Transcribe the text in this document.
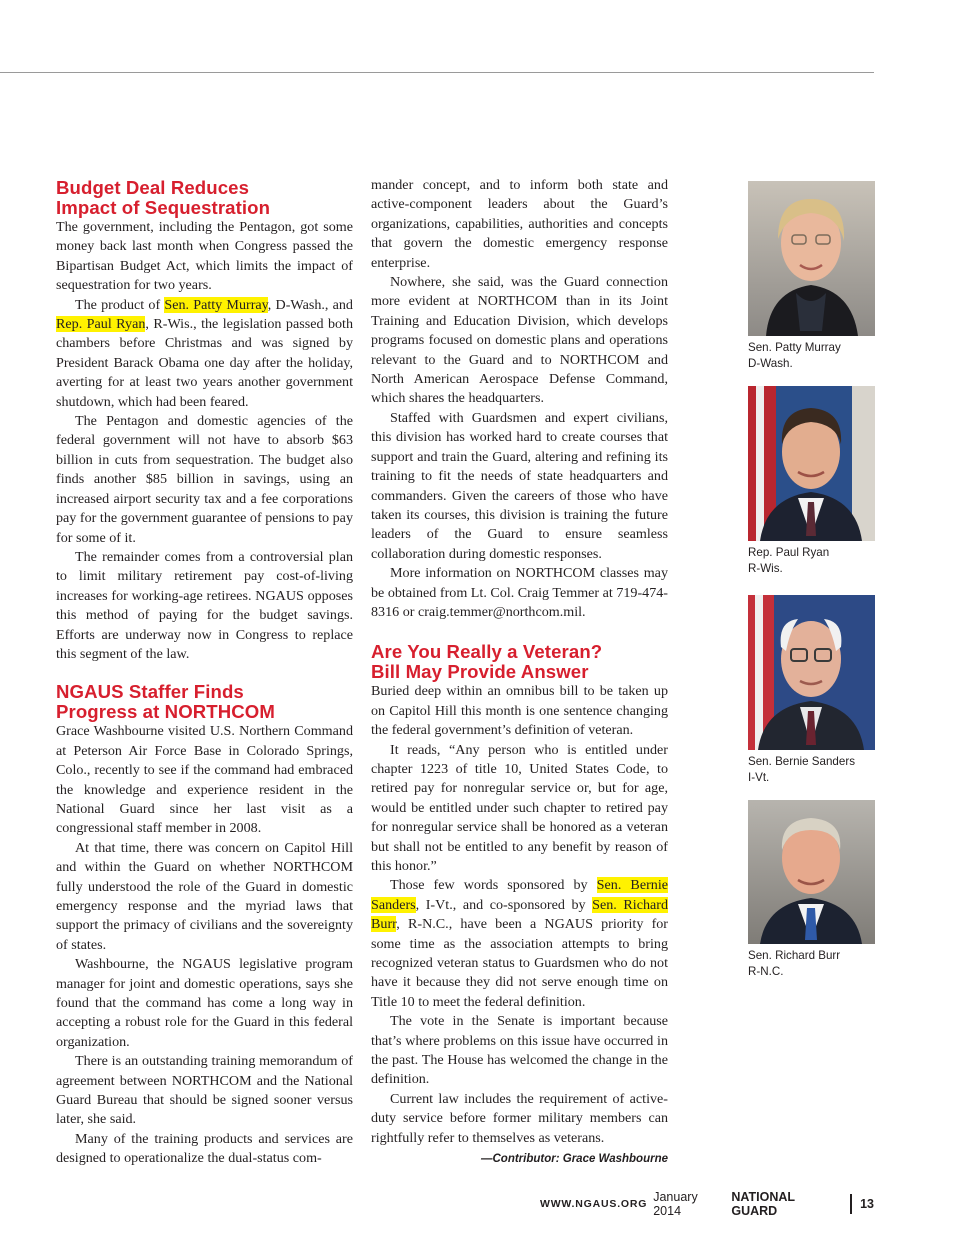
Budget Deal Reduces
Impact of Sequestration

The government, including the Pentagon, got some money back last month when Congress passed the Bipartisan Budget Act, which limits the impact of sequestration for two years.

The product of Sen. Patty Murray, D-Wash., and Rep. Paul Ryan, R-Wis., the legislation passed both chambers before Christmas and was signed by President Barack Obama one day after the holiday, averting for at least two years another government shutdown, which had been feared.

The Pentagon and domestic agencies of the federal government will not have to absorb $63 billion in cuts from sequestration. The budget also finds another $85 billion in savings, using an increased airport security tax and a fee corporations pay for the government guarantee of pensions to pay for some of it.

The remainder comes from a controversial plan to limit military retirement pay cost-of-living increases for working-age retirees. NGAUS opposes this method of paying for the budget savings. Efforts are underway now in Congress to replace this segment of the law.

NGAUS Staffer Finds
Progress at NORTHCOM

Grace Washbourne visited U.S. Northern Command at Peterson Air Force Base in Colorado Springs, Colo., recently to see if the command had embraced the knowledge and experience resident in the National Guard since her last visit as a congressional staff member in 2008.

At that time, there was concern on Capitol Hill and within the Guard on whether NORTHCOM fully understood the role of the Guard in domestic emergency response and the myriad laws that support the primacy of civilians and the sovereignty of states.

Washbourne, the NGAUS legislative program manager for joint and domestic operations, says she found that the command has come a long way in accepting a robust role for the Guard in this federal organization.

There is an outstanding training memorandum of agreement between NORTHCOM and the National Guard Bureau that should be signed sooner versus later, she said.

Many of the training products and services are designed to operationalize the dual-status com-

mander concept, and to inform both state and active-component leaders about the Guard’s organizations, capabilities, authorities and concepts that govern the domestic emergency response enterprise.

Nowhere, she said, was the Guard connection more evident at NORTHCOM than in its Joint Training and Education Division, which develops programs focused on domestic plans and operations relevant to the Guard and to NORTHCOM and North American Aerospace Defense Command, which shares the headquarters.

Staffed with Guardsmen and expert civilians, this division has worked hard to create courses that support and train the Guard, altering and refining its training to fit the needs of state headquarters and commanders. Given the careers of those who have taken its courses, this division is training the future leaders of the Guard to ensure seamless collaboration during domestic responses.

More information on NORTHCOM classes may be obtained from Lt. Col. Craig Temmer at 719-474-8316 or craig.temmer@northcom.mil.

Are You Really a Veteran?
Bill May Provide Answer

Buried deep within an omnibus bill to be taken up on Capitol Hill this month is one sentence changing the federal government’s definition of veteran.

It reads, “Any person who is entitled under chapter 1223 of title 10, United States Code, to retired pay for nonregular service or, but for age, would be entitled under such chapter to retired pay for nonregular service shall be honored as a veteran but shall not be entitled to any benefit by reason of this honor.”

Those few words sponsored by Sen. Bernie Sanders, I-Vt., and co-sponsored by Sen. Richard Burr, R-N.C., have been a NGAUS priority for some time as the association attempts to bring recognized veteran status to Guardsmen who do not have it because they did not serve enough time on Title 10 to meet the federal definition.

The vote in the Senate is important because that’s where problems on this issue have occurred in the past. The House has welcomed the change in the definition.

Current law includes the requirement of active-duty service before former military members can rightfully refer to themselves as veterans.

—Contributor: Grace Washbourne
Sen. Patty Murray
D-Wash.
Rep. Paul Ryan
R-Wis.
Sen. Bernie Sanders
I-Vt.
Sen. Richard Burr
R-N.C.
WWW.NGAUS.ORG January 2014
NATIONAL GUARD	13
